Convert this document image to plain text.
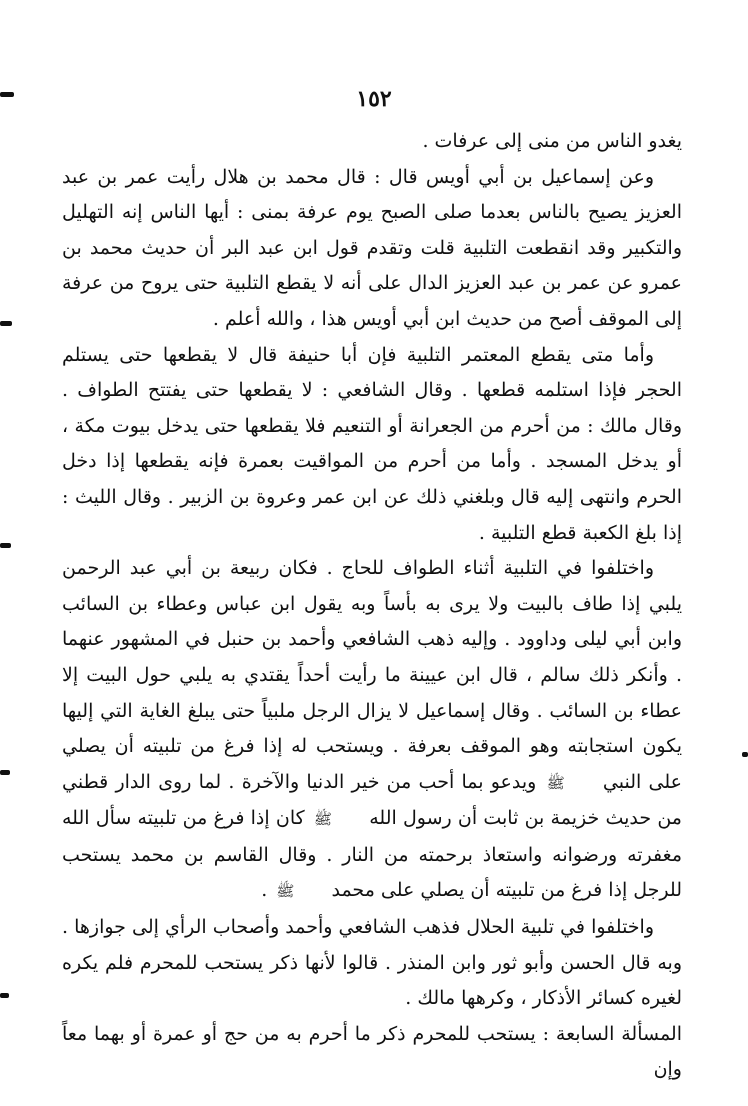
١٥٢

يغدو الناس من منى إلى عرفات .

وعن إسماعيل بن أبي أويس قال : قال محمد بن هلال رأيت عمر بن عبد العزيز يصيح بالناس بعدما صلى الصبح يوم عرفة بمنى : أيها الناس إنه التهليل والتكبير وقد انقطعت التلبية قلت وتقدم قول ابن عبد البر أن حديث محمد بن عمرو عن عمر بن عبد العزيز الدال على أنه لا يقطع التلبية حتى يروح من عرفة إلى الموقف أصح من حديث ابن أبي أويس هذا ، والله أعلم .

وأما متى يقطع المعتمر التلبية فإن أبا حنيفة قال لا يقطعها حتى يستلم الحجر فإذا استلمه قطعها . وقال الشافعي : لا يقطعها حتى يفتتح الطواف . وقال مالك : من أحرم من الجعرانة أو التنعيم فلا يقطعها حتى يدخل بيوت مكة ، أو يدخل المسجد . وأما من أحرم من المواقيت بعمرة فإنه يقطعها إذا دخل الحرم وانتهى إليه قال وبلغني ذلك عن ابن عمر وعروة بن الزبير . وقال الليث : إذا بلغ الكعبة قطع التلبية .

واختلفوا في التلبية أثناء الطواف للحاج . فكان ربيعة بن أبي عبد الرحمن يلبي إذا طاف بالبيت ولا يرى به بأساً وبه يقول ابن عباس وعطاء بن السائب وابن أبي ليلى وداوود . وإليه ذهب الشافعي وأحمد بن حنبل في المشهور عنهما . وأنكر ذلك سالم ، قال ابن عيينة ما رأيت أحداً يقتدي به يلبي حول البيت إلا عطاء بن السائب . وقال إسماعيل لا يزال الرجل ملبياً حتى يبلغ الغاية التي إليها يكون استجابته وهو الموقف بعرفة . ويستحب له إذا فرغ من تلبيته أن يصلي على النبي ﷺ ويدعو بما أحب من خير الدنيا والآخرة . لما روى الدار قطني من حديث خزيمة بن ثابت أن رسول الله ﷺ كان إذا فرغ من تلبيته سأل الله مغفرته ورضوانه واستعاذ برحمته من النار . وقال القاسم بن محمد يستحب للرجل إذا فرغ من تلبيته أن يصلي على محمد ﷺ .

واختلفوا في تلبية الحلال فذهب الشافعي وأحمد وأصحاب الرأي إلى جوازها . وبه قال الحسن وأبو ثور وابن المنذر . قالوا لأنها ذكر يستحب للمحرم فلم يكره لغيره كسائر الأذكار ، وكرهها مالك .

المسألة السابعة : يستحب للمحرم ذكر ما أحرم به من حج أو عمرة أو بهما معاً وإن
